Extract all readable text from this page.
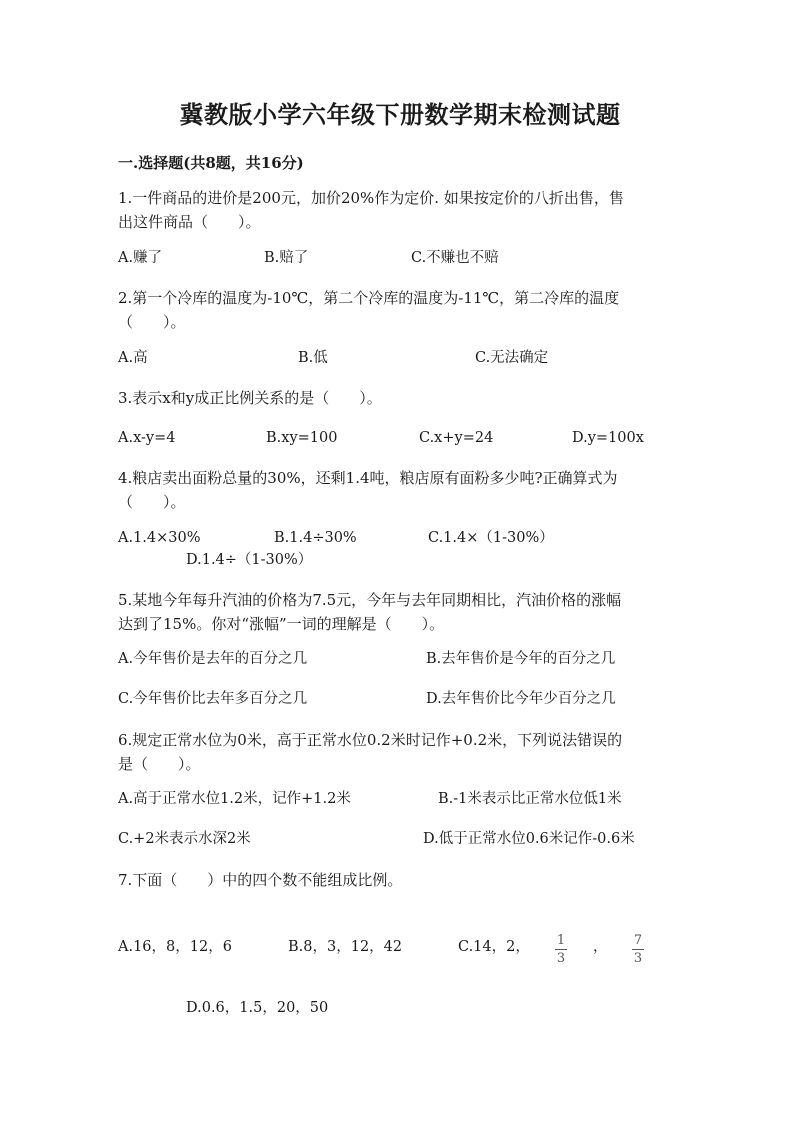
冀教版小学六年级下册数学期末检测试题
一.选择题(共8题，共16分)
1.一件商品的进价是200元，加价20%作为定价. 如果按定价的八折出售，售
出这件商品（　　）。
A.赚了	B.赔了	C.不赚也不赔
2.第一个冷库的温度为-10℃，第二个冷库的温度为-11℃，第二冷库的温度
（　　）。
A.高	B.低	C.无法确定
3.表示x和y成正比例关系的是（　　）。
A.x-y=4	B.xy=100	C.x+y=24	D.y=100x
4.粮店卖出面粉总量的30%，还剩1.4吨，粮店原有面粉多少吨?正确算式为
（　　）。
A.1.4×30%	B.1.4÷30%	C.1.4×（1-30%）
D.1.4÷（1-30%）
5.某地今年每升汽油的价格为7.5元，今年与去年同期相比，汽油价格的涨幅
达到了15%。你对“涨幅”一词的理解是（　　）。
A.今年售价是去年的百分之几	B.去年售价是今年的百分之几
C.今年售价比去年多百分之几	D.去年售价比今年少百分之几
6.规定正常水位为0米，高于正常水位0.2米时记作+0.2米，下列说法错误的
是（　　）。
A.高于正常水位1.2米，记作+1.2米	B.-1米表示比正常水位低1米
C.+2米表示水深2米	D.低于正常水位0.6米记作-0.6米
7.下面（　　）中的四个数不能组成比例。
A.16，8，12，6	B.8，3，12，42	C.14，2， 1
3
， 7
3
D.0.6，1.5，20，50
